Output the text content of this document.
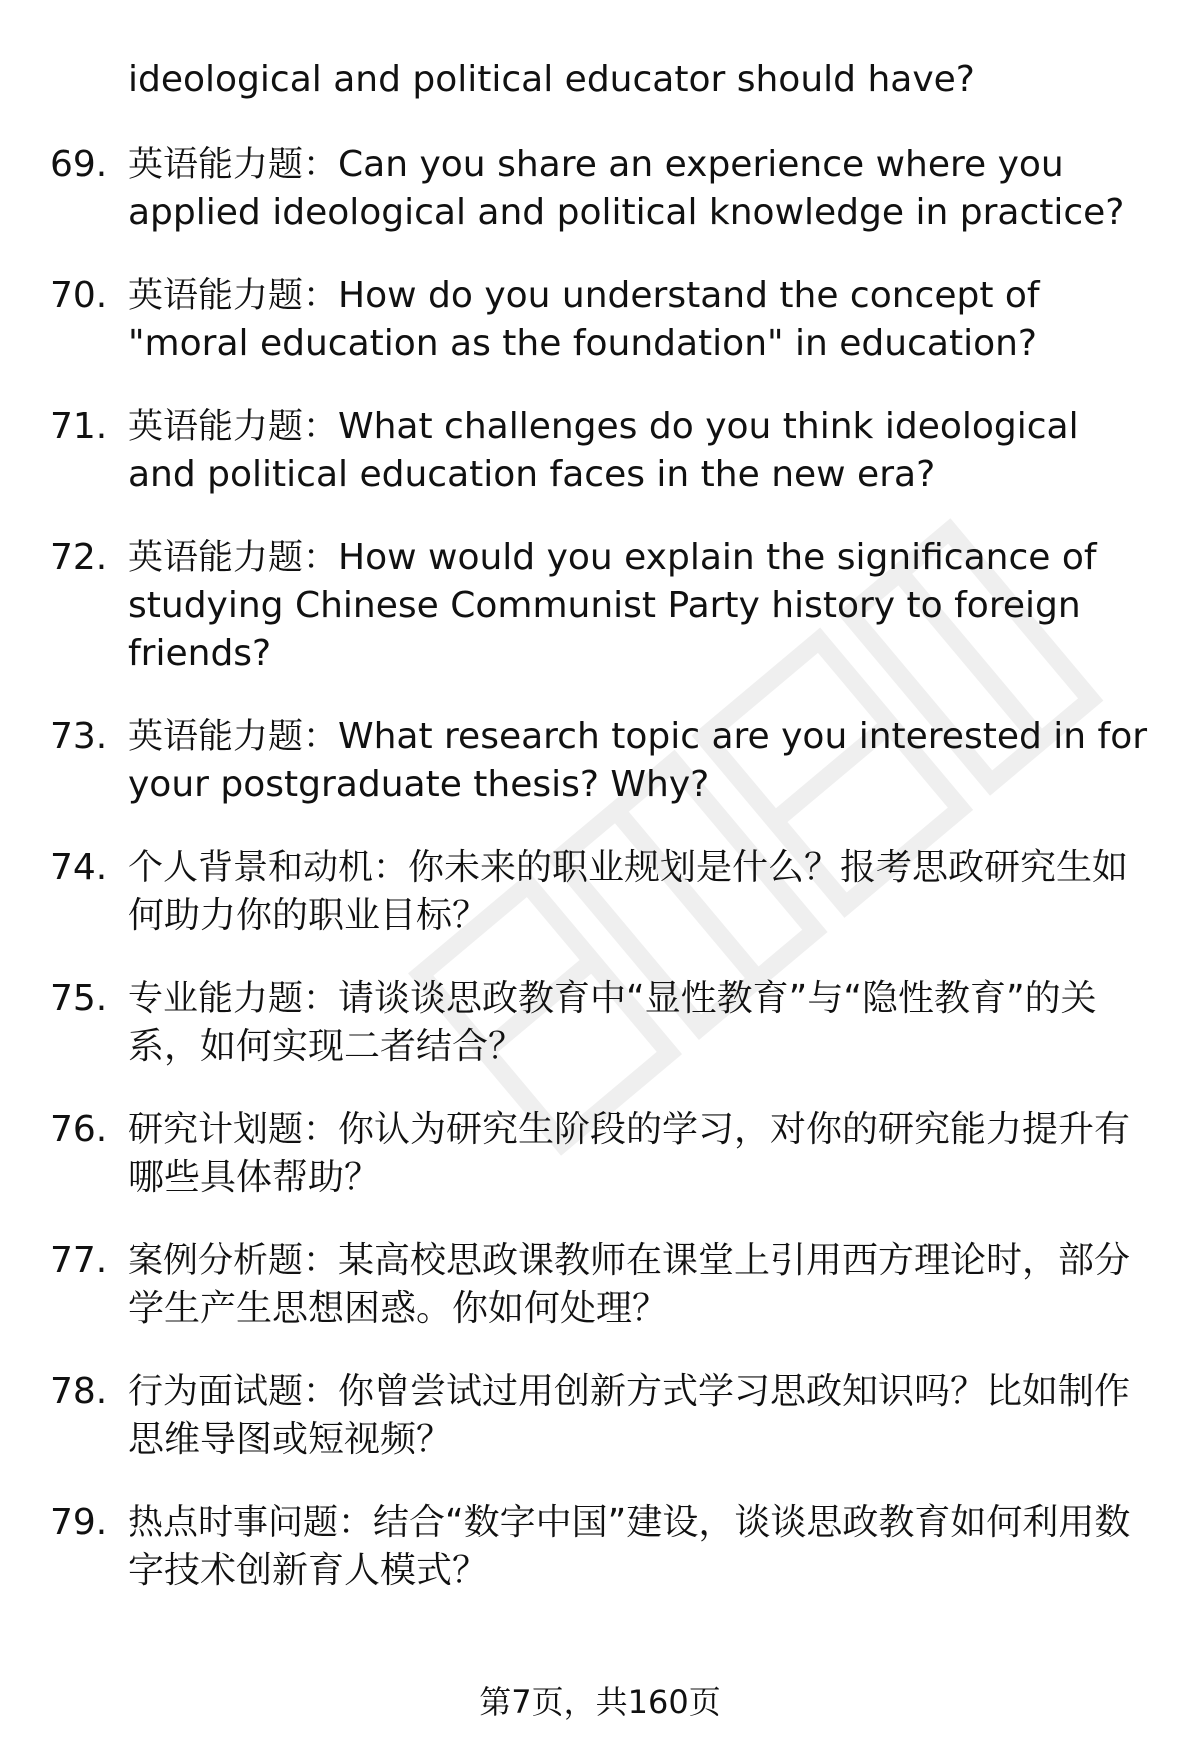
ideological and political educator should have?
69. 英语能力题：Can you share an experience where you applied ideological and political knowledge in practice?
70. 英语能力题：How do you understand the concept of "moral education as the foundation" in education?
71. 英语能力题：What challenges do you think ideological and political education faces in the new era?
72. 英语能力题：How would you explain the significance of studying Chinese Communist Party history to foreign friends?
73. 英语能力题：What research topic are you interested in for your postgraduate thesis? Why?
74. 个人背景和动机：你未来的职业规划是什么？报考思政研究生如何助力你的职业目标？
75. 专业能力题：请谈谈思政教育中“显性教育”与“隐性教育”的关系，如何实现二者结合？
76. 研究计划题：你认为研究生阶段的学习，对你的研究能力提升有哪些具体帮助？
77. 案例分析题：某高校思政课教师在课堂上引用西方理论时，部分学生产生思想困惑。你如何处理？
78. 行为面试题：你曾尝试过用创新方式学习思政知识吗？比如制作思维导图或短视频？
79. 热点时事问题：结合“数字中国”建设，谈谈思政教育如何利用数字技术创新育人模式？
第7页，共160页
